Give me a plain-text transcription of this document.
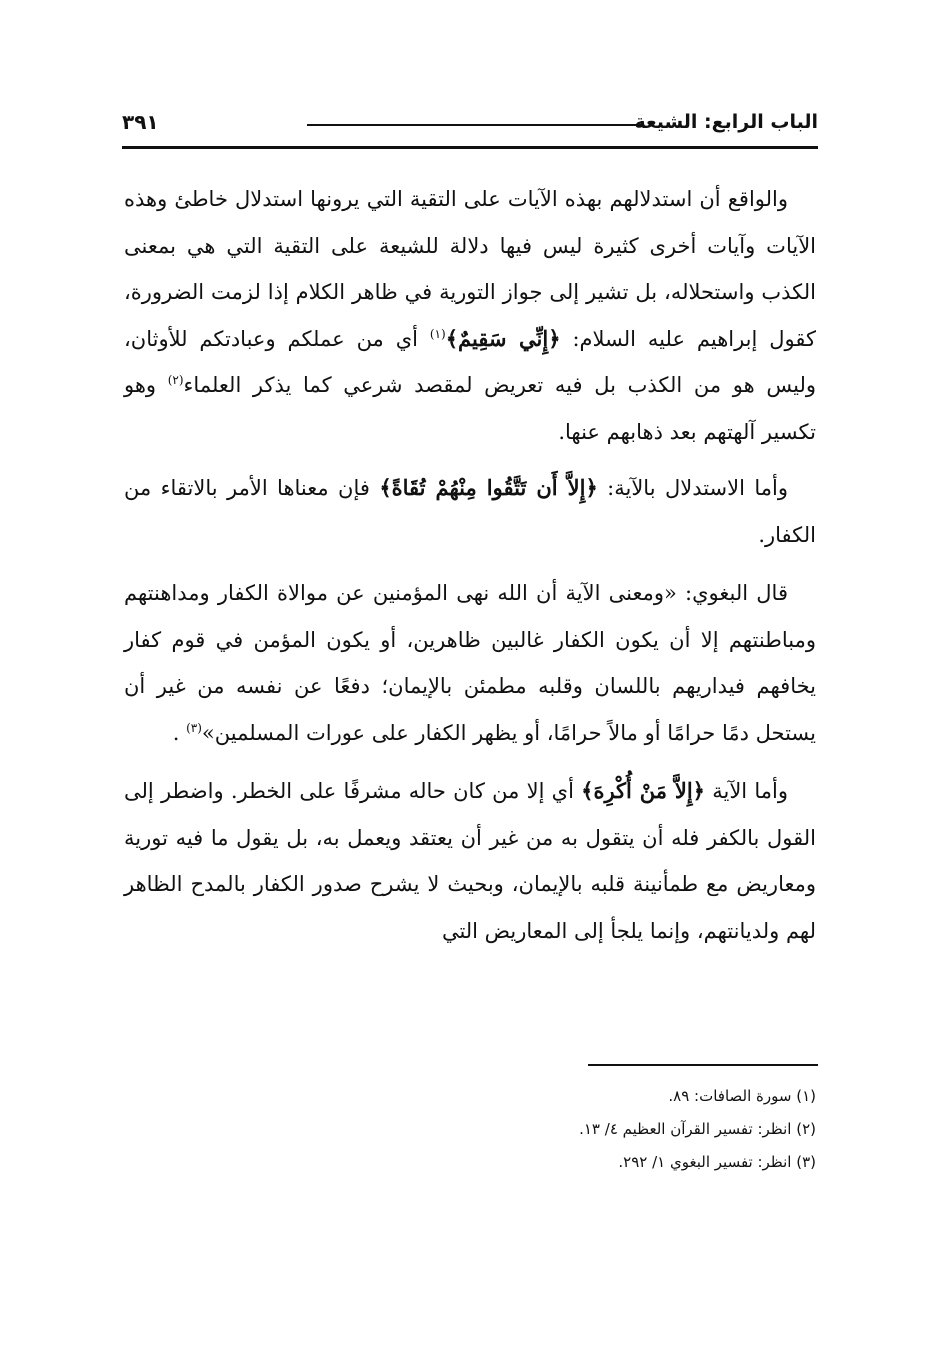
الباب الرابع: الشيعة
٣٩١

والواقع أن استدلالهم بهذه الآيات على التقية التي يرونها استدلال خاطئ وهذه الآيات وآيات أخرى كثيرة ليس فيها دلالة للشيعة على التقية التي هي بمعنى الكذب واستحلاله، بل تشير إلى جواز التورية في ظاهر الكلام إذا لزمت الضرورة، كقول إبراهيم عليه السلام: ﴿إِنِّي سَقِيمٌ﴾$^{(١)}$ أي من عملكم وعبادتكم للأوثان، وليس هو من الكذب بل فيه تعريض لمقصد شرعي كما يذكر العلماء$^{(٢)}$ وهو تكسير آلهتهم بعد ذهابهم عنها.

وأما الاستدلال بالآية: ﴿إِلاَّ أَن تَتَّقُوا مِنْهُمْ تُقَاةً﴾ فإن معناها الأمر بالاتقاء من الكفار.

قال البغوي: «ومعنى الآية أن الله نهى المؤمنين عن موالاة الكفار ومداهنتهم ومباطنتهم إلا أن يكون الكفار غالبين ظاهرين، أو يكون المؤمن في قوم كفار يخافهم فيداريهم باللسان وقلبه مطمئن بالإيمان؛ دفعًا عن نفسه من غير أن يستحل دمًا حرامًا أو مالاً حرامًا، أو يظهر الكفار على عورات المسلمين»$^{(٣)}$ .

وأما الآية ﴿إِلاَّ مَنْ أُكْرِهَ﴾ أي إلا من كان حاله مشرفًا على الخطر. واضطر إلى القول بالكفر فله أن يتقول به من غير أن يعتقد ويعمل به، بل يقول ما فيه تورية ومعاريض مع طمأنينة قلبه بالإيمان، وبحيث لا يشرح صدور الكفار بالمدح الظاهر لهم ولديانتهم، وإنما يلجأ إلى المعاريض التي

(١) سورة الصافات: ٨٩.

(٢) انظر: تفسير القرآن العظيم ٤/ ١٣.

(٣) انظر: تفسير البغوي ١/ ٢٩٢.
